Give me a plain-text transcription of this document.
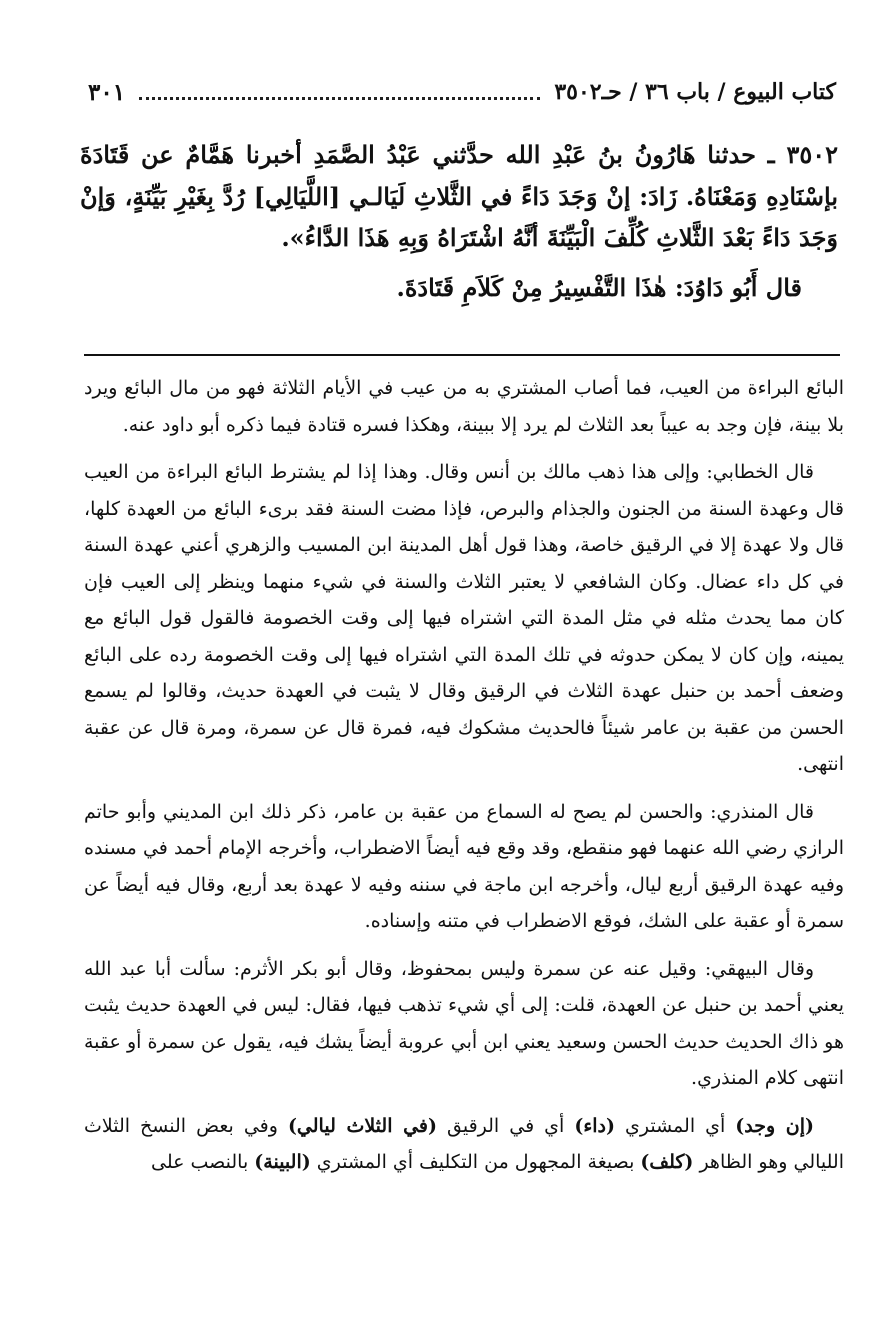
كتاب البيوع / باب ٣٦ / حـ٣٥٠٢
٣٠١

٣٥٠٢ ـ حدثنا هَارُونُ بنُ عَبْدِ الله حدَّثني عَبْدُ الصَّمَدِ أخبرنا هَمَّامٌ عن قَتَادَةَ بإسْنَادِهِ وَمَعْنَاهُ. زَادَ: إنْ وَجَدَ دَاءً في الثَّلاثِ لَيَالـي [اللَّيَالِي] رُدَّ بِغَيْرِ بَيِّنَةٍ، وَإنْ وَجَدَ دَاءً بَعْدَ الثَّلاثِ كُلِّفَ الْبَيِّنَةَ أنَّهُ اشْتَرَاهُ وَبِهِ هَذَا الدَّاءُ».

قال أَبُو دَاوُدَ: هٰذَا التَّفْسِيرُ مِنْ كَلاَمِ قَتَادَةَ.

البائع البراءة من العيب، فما أصاب المشتري به من عيب في الأيام الثلاثة فهو من مال البائع ويرد بلا بينة، فإن وجد به عيباً بعد الثلاث لم يرد إلا ببينة، وهكذا فسره قتادة فيما ذكره أبو داود عنه.

قال الخطابي: وإلى هذا ذهب مالك بن أنس وقال. وهذا إذا لم يشترط البائع البراءة من العيب قال وعهدة السنة من الجنون والجذام والبرص، فإذا مضت السنة فقد برىء البائع من العهدة كلها، قال ولا عهدة إلا في الرقيق خاصة، وهذا قول أهل المدينة ابن المسيب والزهري أعني عهدة السنة في كل داء عضال. وكان الشافعي لا يعتبر الثلاث والسنة في شيء منهما وينظر إلى العيب فإن كان مما يحدث مثله في مثل المدة التي اشتراه فيها إلى وقت الخصومة فالقول قول البائع مع يمينه، وإن كان لا يمكن حدوثه في تلك المدة التي اشتراه فيها إلى وقت الخصومة رده على البائع وضعف أحمد بن حنبل عهدة الثلاث في الرقيق وقال لا يثبت في العهدة حديث، وقالوا لم يسمع الحسن من عقبة بن عامر شيئاً فالحديث مشكوك فيه، فمرة قال عن سمرة، ومرة قال عن عقبة انتهى.

قال المنذري: والحسن لم يصح له السماع من عقبة بن عامر، ذكر ذلك ابن المديني وأبو حاتم الرازي رضي الله عنهما فهو منقطع، وقد وقع فيه أيضاً الاضطراب، وأخرجه الإمام أحمد في مسنده وفيه عهدة الرقيق أربع ليال، وأخرجه ابن ماجة في سننه وفيه لا عهدة بعد أربع، وقال فيه أيضاً عن سمرة أو عقبة على الشك، فوقع الاضطراب في متنه وإسناده.

وقال البيهقي: وقيل عنه عن سمرة وليس بمحفوظ، وقال أبو بكر الأثرم: سألت أبا عبد الله يعني أحمد بن حنبل عن العهدة، قلت: إلى أي شيء تذهب فيها، فقال: ليس في العهدة حديث يثبت هو ذاك الحديث حديث الحسن وسعيد يعني ابن أبي عروبة أيضاً يشك فيه، يقول عن سمرة أو عقبة انتهى كلام المنذري.

(إن وجد) أي المشتري (داء) أي في الرقيق (في الثلاث ليالي) وفي بعض النسخ الثلاث الليالي وهو الظاهر (كلف) بصيغة المجهول من التكليف أي المشتري (البينة) بالنصب على
